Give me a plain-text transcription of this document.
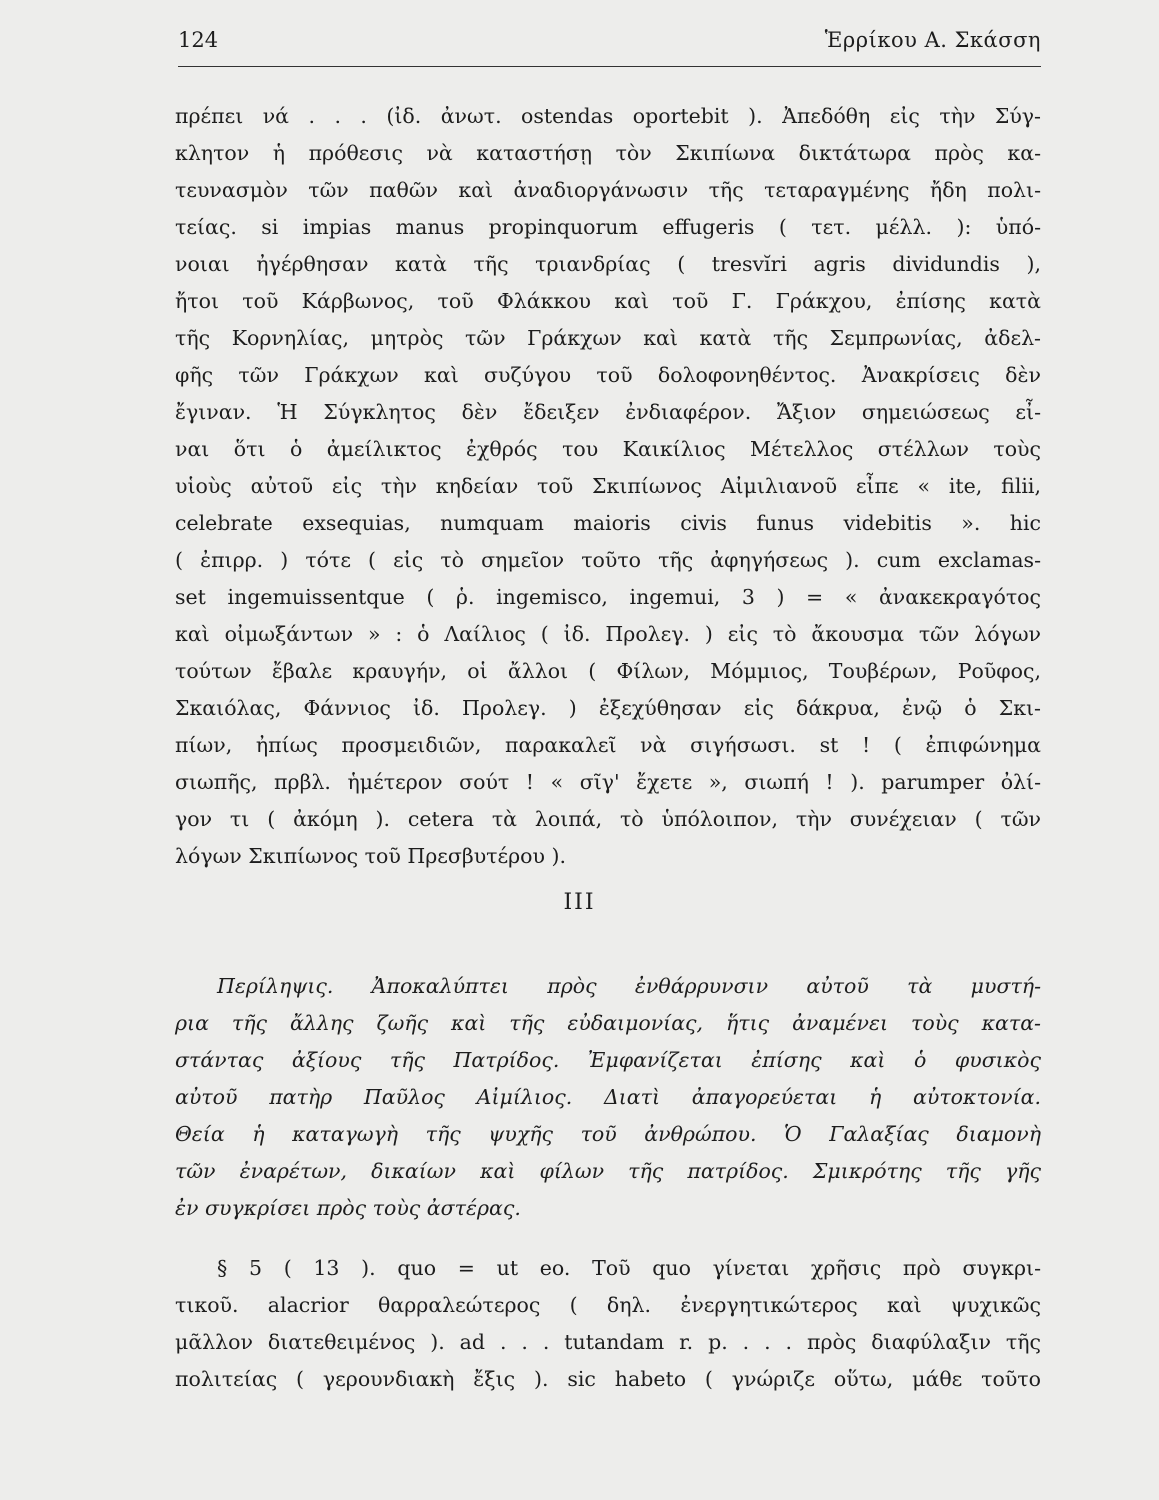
124	Ἑρρίκου Α. Σκάσση
πρέπει νά . . . (ἰδ. ἀνωτ. ostendas oportebit ). Ἀπεδόθη εἰς τὴν Σύγ-
κλητον ἡ πρόθεσις νὰ καταστήσῃ τὸν Σκιπίωνα δικτάτωρα πρὸς κα-
τευνασμὸν τῶν παθῶν καὶ ἀναδιοργάνωσιν τῆς τεταραγμένης ἤδη πολι-
τείας. si impias manus propinquorum effugeris ( τετ. μέλλ. ): ὑπό-
νοιαι ἠγέρθησαν κατὰ τῆς τριανδρίας ( tresvĭri agris dividundis ),
ἤτοι τοῦ Κάρβωνος, τοῦ Φλάκκου καὶ τοῦ Γ. Γράκχου, ἐπίσης κατὰ
τῆς Κορνηλίας, μητρὸς τῶν Γράκχων καὶ κατὰ τῆς Σεμπρωνίας, ἀδελ-
φῆς τῶν Γράκχων καὶ συζύγου τοῦ δολοφονηθέντος. Ἀνακρίσεις δὲν
ἔγιναν. Ἡ Σύγκλητος δὲν ἔδειξεν ἐνδιαφέρον. Ἄξιον σημειώσεως εἶ-
ναι ὅτι ὁ ἀμείλικτος ἐχθρός του Καικίλιος Μέτελλος στέλλων τοὺς
υἱοὺς αὐτοῦ εἰς τὴν κηδείαν τοῦ Σκιπίωνος Αἰμιλιανοῦ εἶπε « ite, filii,
celebrate exsequias, numquam maioris civis funus videbitis ». hic
( ἐπιρρ. ) τότε ( εἰς τὸ σημεῖον τοῦτο τῆς ἀφηγήσεως ). cum exclamas-
set ingemuissentque ( ῥ. ingemisco, ingemui, 3 ) = « ἀνακεκραγότος
καὶ οἰμωξάντων » : ὁ Λαίλιος ( ἰδ. Προλεγ. ) εἰς τὸ ἄκουσμα τῶν λόγων
τούτων ἔβαλε κραυγήν, οἱ ἄλλοι ( Φίλων, Μόμμιος, Τουβέρων, Ροῦφος,
Σκαιόλας, Φάννιος ἰδ. Προλεγ. ) ἐξεχύθησαν εἰς δάκρυα, ἐνῷ ὁ Σκι-
πίων, ἠπίως προσμειδιῶν, παρακαλεῖ νὰ σιγήσωσι. st ! ( ἐπιφώνημα
σιωπῆς, πρβλ. ἡμέτερον σούτ ! « σῖγ' ἔχετε », σιωπή ! ). parumper ὀλί-
γον τι ( ἀκόμη ). cetera τὰ λοιπά, τὸ ὑπόλοιπον, τὴν συνέχειαν ( τῶν
λόγων Σκιπίωνος τοῦ Πρεσβυτέρου ).
III
Περίληψις. Ἀποκαλύπτει πρὸς ἐνθάρρυνσιν αὐτοῦ τὰ μυστή-
ρια τῆς ἄλλης ζωῆς καὶ τῆς εὐδαιμονίας, ἥτις ἀναμένει τοὺς κατα-
στάντας ἀξίους τῆς Πατρίδος. Ἐμφανίζεται ἐπίσης καὶ ὁ φυσικὸς
αὐτοῦ πατὴρ Παῦλος Αἰμίλιος. Διατὶ ἀπαγορεύεται ἡ αὐτοκτονία.
Θεία ἡ καταγωγὴ τῆς ψυχῆς τοῦ ἀνθρώπου. Ὁ Γαλαξίας διαμονὴ
τῶν ἐναρέτων, δικαίων καὶ φίλων τῆς πατρίδος. Σμικρότης τῆς γῆς
ἐν συγκρίσει πρὸς τοὺς ἀστέρας.
§ 5 ( 13 ). quo = ut eo. Τοῦ quo γίνεται χρῆσις πρὸ συγκρι-
τικοῦ. alacrior θαρραλεώτερος ( δηλ. ἐνεργητικώτερος καὶ ψυχικῶς
μᾶλλον διατεθειμένος ). ad . . . tutandam r. p. . . . πρὸς διαφύλαξιν τῆς
πολιτείας ( γερουνδιακὴ ἔξις ). sic habeto ( γνώριζε οὕτω, μάθε τοῦτο
